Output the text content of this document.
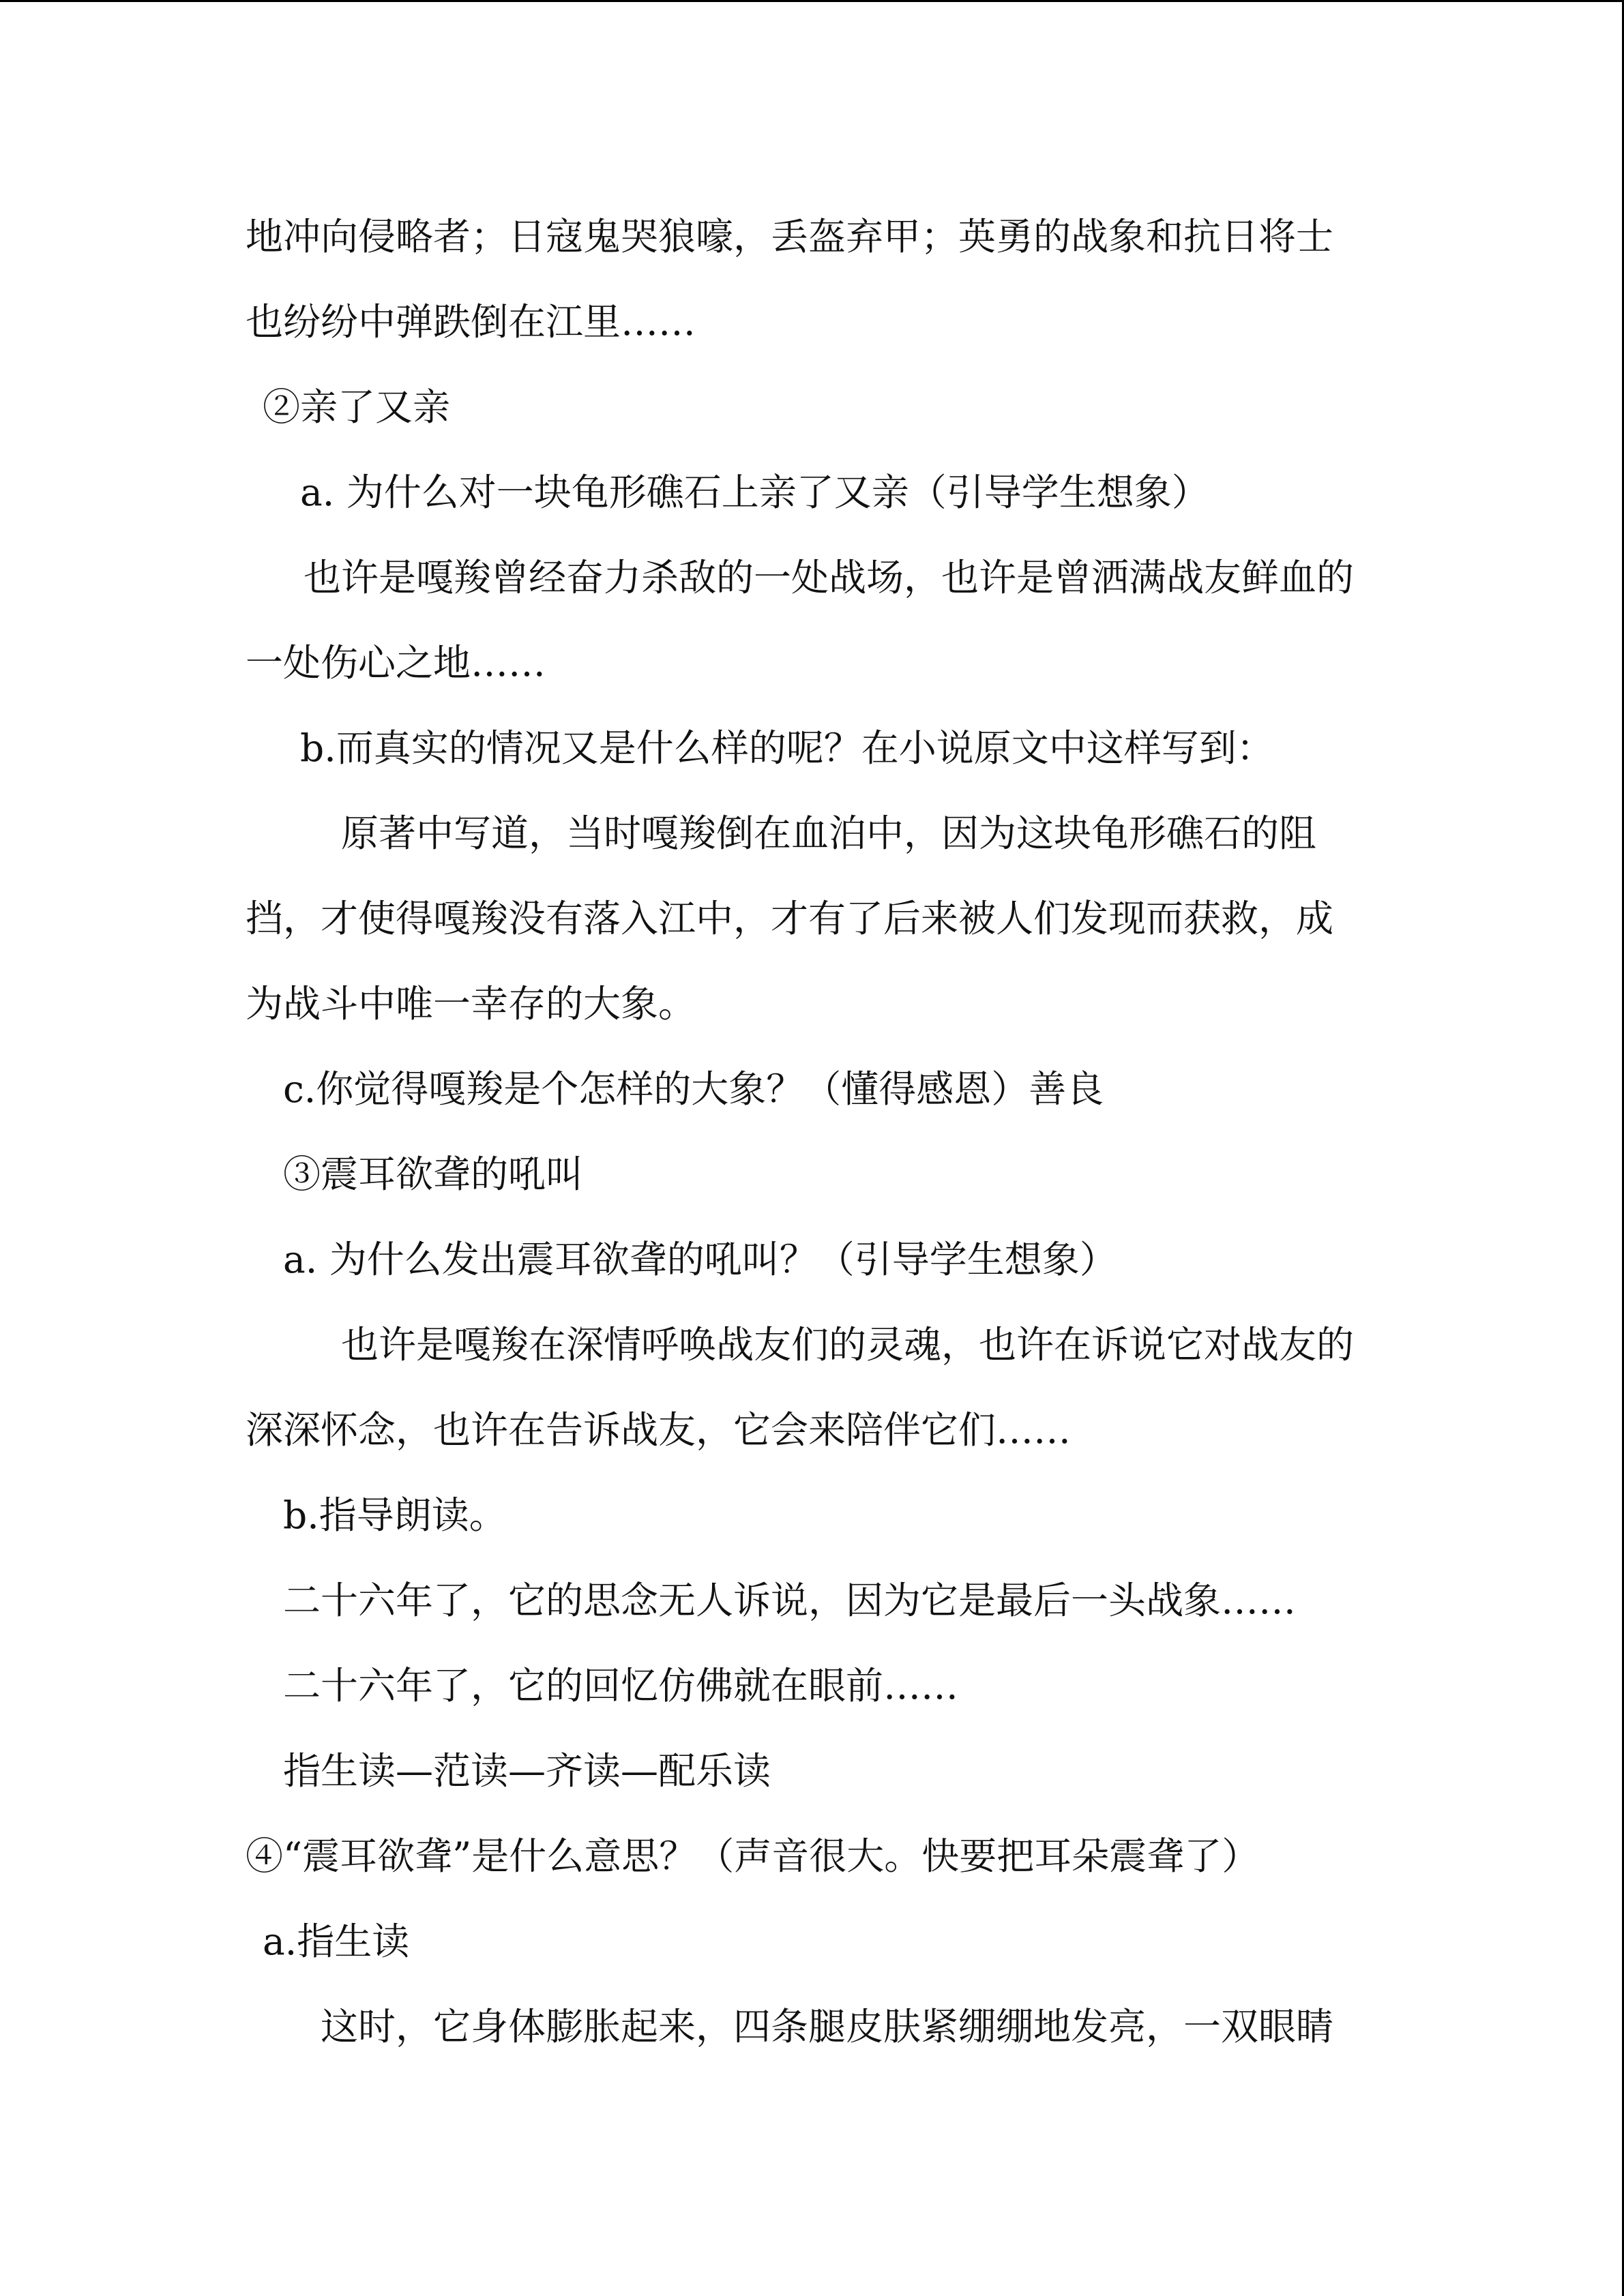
地冲向侵略者；日寇鬼哭狼嚎，丢盔弃甲；英勇的战象和抗日将士
也纷纷中弹跌倒在江里……
②亲了又亲
a. 为什么对一块龟形礁石上亲了又亲（引导学生想象）
也许是嘎羧曾经奋力杀敌的一处战场，也许是曾洒满战友鲜血的
一处伤心之地……
b.而真实的情况又是什么样的呢？在小说原文中这样写到：
原著中写道，当时嘎羧倒在血泊中，因为这块龟形礁石的阻
挡，才使得嘎羧没有落入江中，才有了后来被人们发现而获救，成
为战斗中唯一幸存的大象。
c.你觉得嘎羧是个怎样的大象？（懂得感恩）善良
③震耳欲聋的吼叫
a. 为什么发出震耳欲聋的吼叫？（引导学生想象）
也许是嘎羧在深情呼唤战友们的灵魂，也许在诉说它对战友的
深深怀念，也许在告诉战友，它会来陪伴它们……
b.指导朗读。
二十六年了，它的思念无人诉说，因为它是最后一头战象……
二十六年了，它的回忆仿佛就在眼前……
指生读—范读—齐读—配乐读
④“震耳欲聋”是什么意思？（声音很大。快要把耳朵震聋了）
a.指生读
这时，它身体膨胀起来，四条腿皮肤紧绷绷地发亮，一双眼睛
